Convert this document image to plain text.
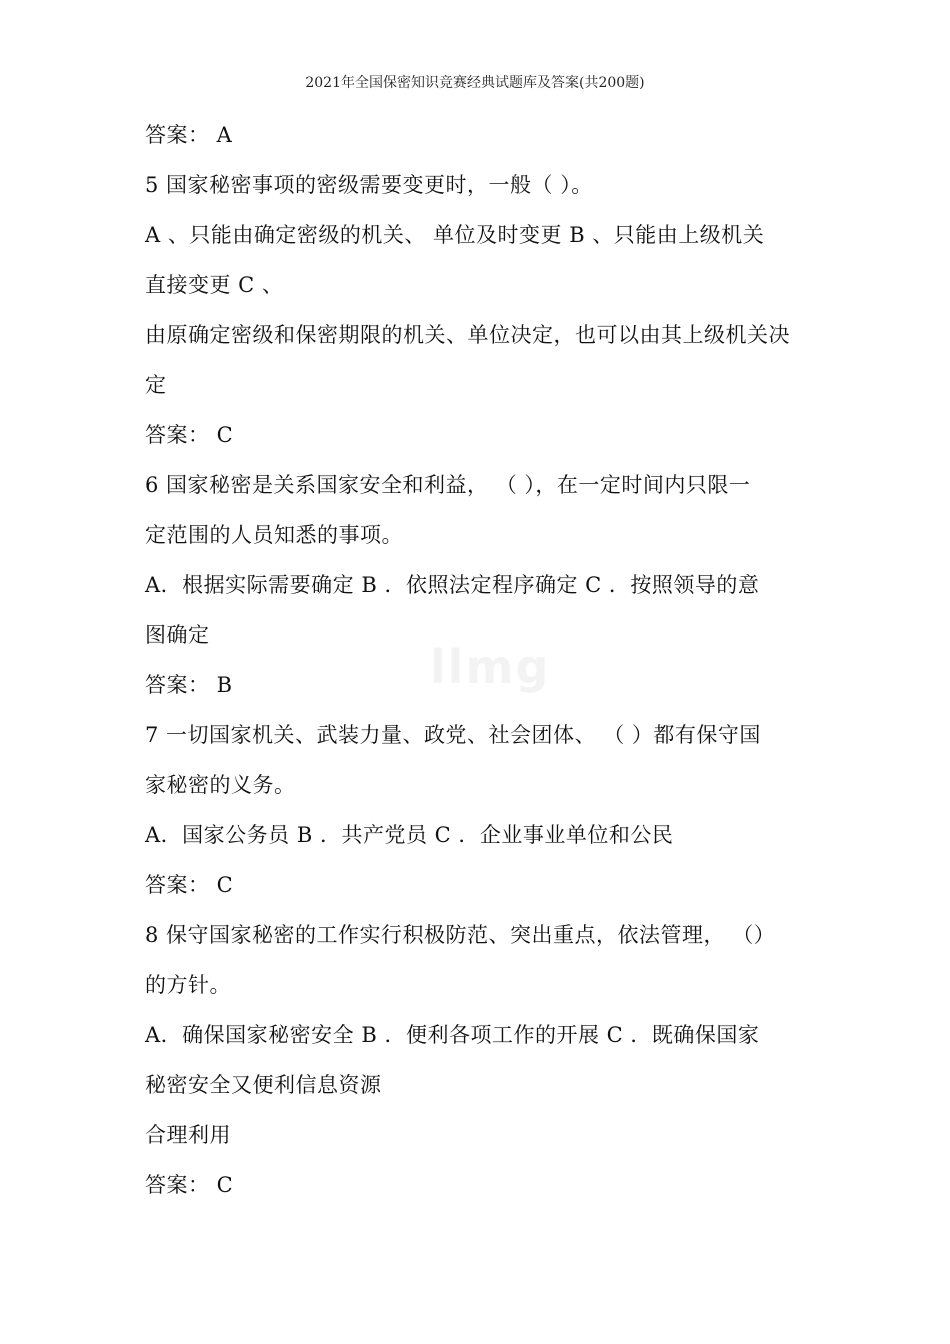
2021年全国保密知识竞赛经典试题库及答案(共200题)
llmg
答案： A
5 国家秘密事项的密级需要变更时，一般（ ）。
A 、只能由确定密级的机关、 单位及时变更 B 、只能由上级机关
直接变更 C 、
由原确定密级和保密期限的机关、单位决定，也可以由其上级机关决
定
答案： C
6 国家秘密是关系国家安全和利益， （ ），在一定时间内只限一
定范围的人员知悉的事项。
A．根据实际需要确定 B ．依照法定程序确定 C ．按照领导的意
图确定
答案： B
7 一切国家机关、武装力量、政党、社会团体、 （ ）都有保守国
家秘密的义务。
A．国家公务员 B ．共产党员 C ．企业事业单位和公民
答案： C
8 保守国家秘密的工作实行积极防范、突出重点，依法管理， （）
的方针。
A．确保国家秘密安全 B ．便利各项工作的开展 C ．既确保国家
秘密安全又便利信息资源
合理利用
答案： C
